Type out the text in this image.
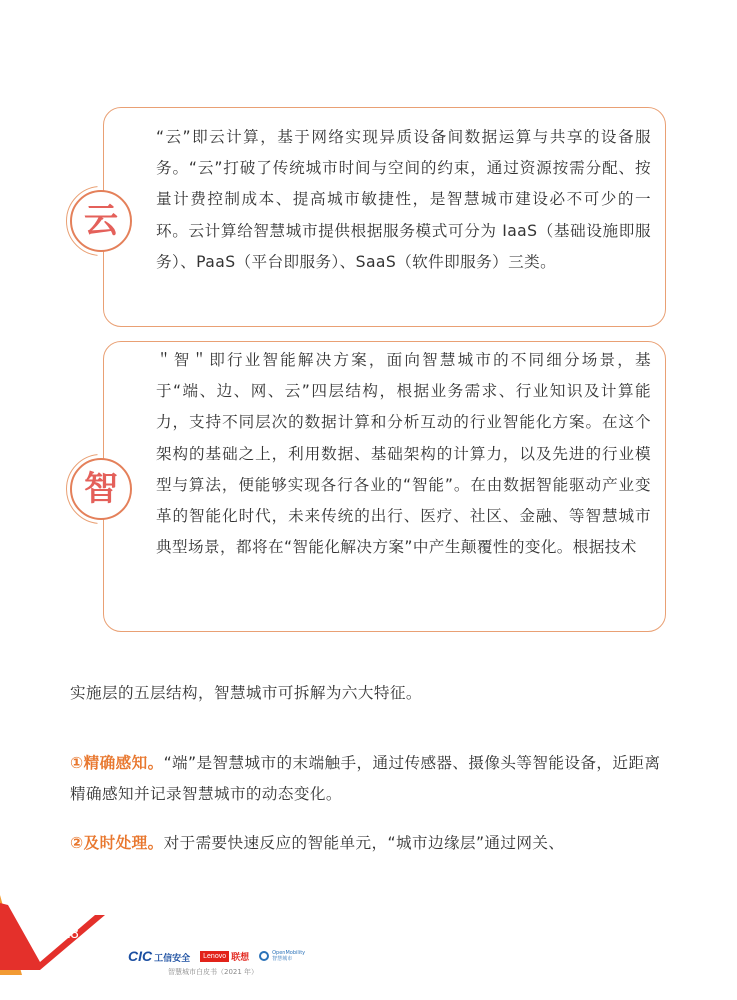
“云”即云计算，基于网络实现异质设备间数据运算与共享的设备服务。“云”打破了传统城市时间与空间的约束，通过资源按需分配、按量计费控制成本、提高城市敏捷性，是智慧城市建设必不可少的一环。云计算给智慧城市提供根据服务模式可分为 IaaS（基础设施即服务）、PaaS（平台即服务）、SaaS（软件即服务）三类。
云
＂智＂即行业智能解决方案，面向智慧城市的不同细分场景，基于“端、边、网、云”四层结构，根据业务需求、行业知识及计算能力，支持不同层次的数据计算和分析互动的行业智能化方案。在这个架构的基础之上，利用数据、基础架构的计算力，以及先进的行业模型与算法，便能够实现各行各业的“智能”。在由数据智能驱动产业变革的智能化时代，未来传统的出行、医疗、社区、金融、等智慧城市典型场景，都将在“智能化解决方案”中产生颠覆性的变化。根据技术
智
实施层的五层结构，智慧城市可拆解为六大特征。
①精确感知。“端”是智慧城市的末端触手，通过传感器、摄像头等智能设备，近距离精确感知并记录智慧城市的动态变化。
②及时处理。对于需要快速反应的智能单元，“城市边缘层”通过网关、
28
CIC 工信安全	Lenovo 联想	OpenMobility
智慧城市
智慧城市白皮书（2021 年）
